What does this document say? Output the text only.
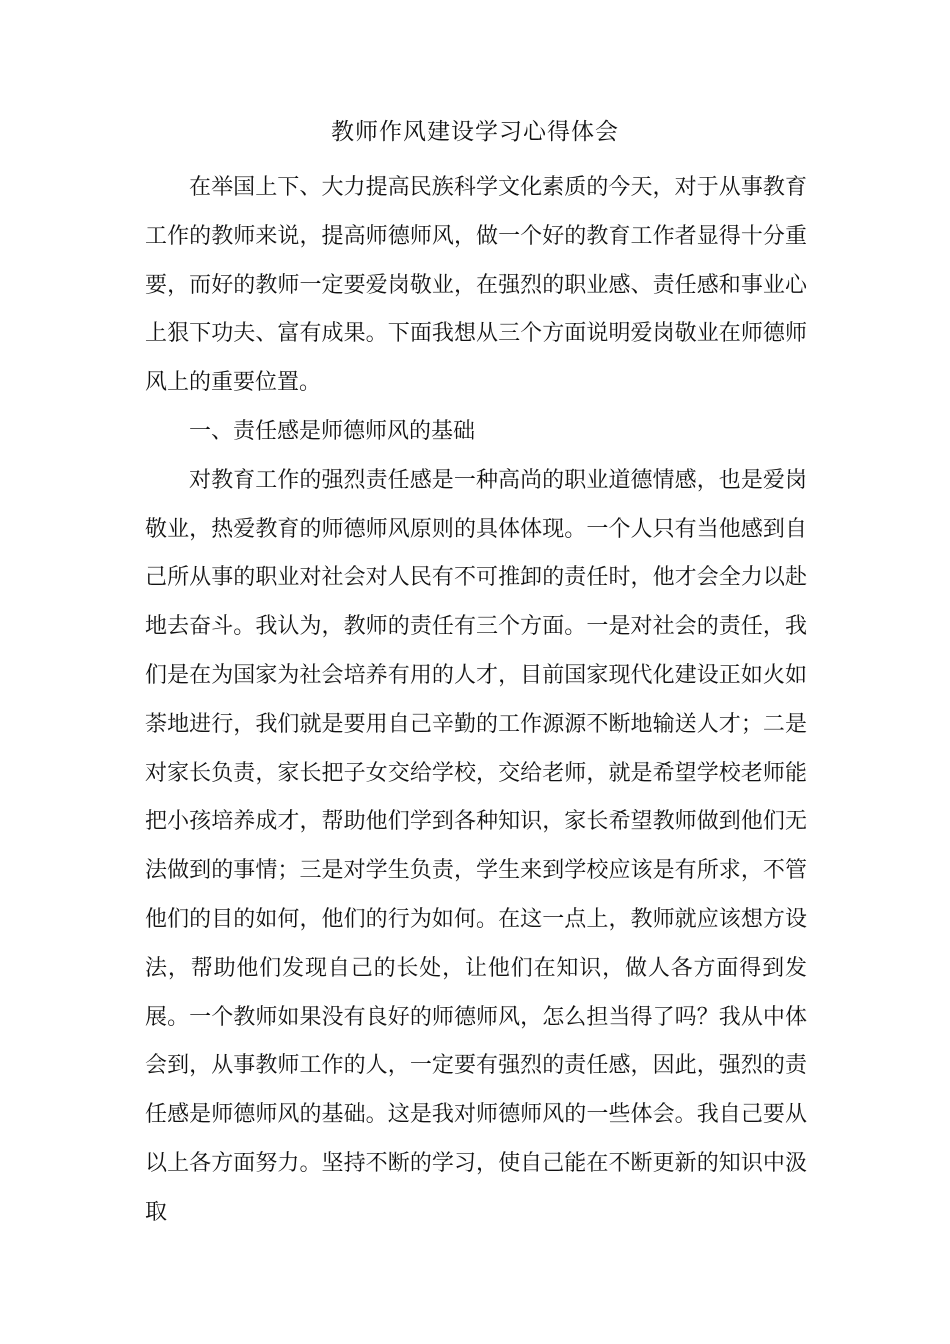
教师作风建设学习心得体会

在举国上下、大力提高民族科学文化素质的今天，对于从事教育工作的教师来说，提高师德师风，做一个好的教育工作者显得十分重要，而好的教师一定要爱岗敬业，在强烈的职业感、责任感和事业心上狠下功夫、富有成果。下面我想从三个方面说明爱岗敬业在师德师风上的重要位置。

一、责任感是师德师风的基础

对教育工作的强烈责任感是一种高尚的职业道德情感，也是爱岗敬业，热爱教育的师德师风原则的具体体现。一个人只有当他感到自己所从事的职业对社会对人民有不可推卸的责任时，他才会全力以赴地去奋斗。我认为，教师的责任有三个方面。一是对社会的责任，我们是在为国家为社会培养有用的人才，目前国家现代化建设正如火如荼地进行，我们就是要用自己辛勤的工作源源不断地输送人才；二是对家长负责，家长把子女交给学校，交给老师，就是希望学校老师能把小孩培养成才，帮助他们学到各种知识，家长希望教师做到他们无法做到的事情；三是对学生负责，学生来到学校应该是有所求，不管他们的目的如何，他们的行为如何。在这一点上，教师就应该想方设法，帮助他们发现自己的长处，让他们在知识，做人各方面得到发展。一个教师如果没有良好的师德师风，怎么担当得了吗？我从中体会到，从事教师工作的人，一定要有强烈的责任感，因此，强烈的责任感是师德师风的基础。这是我对师德师风的一些体会。我自己要从以上各方面努力。坚持不断的学习，使自己能在不断更新的知识中汲取
